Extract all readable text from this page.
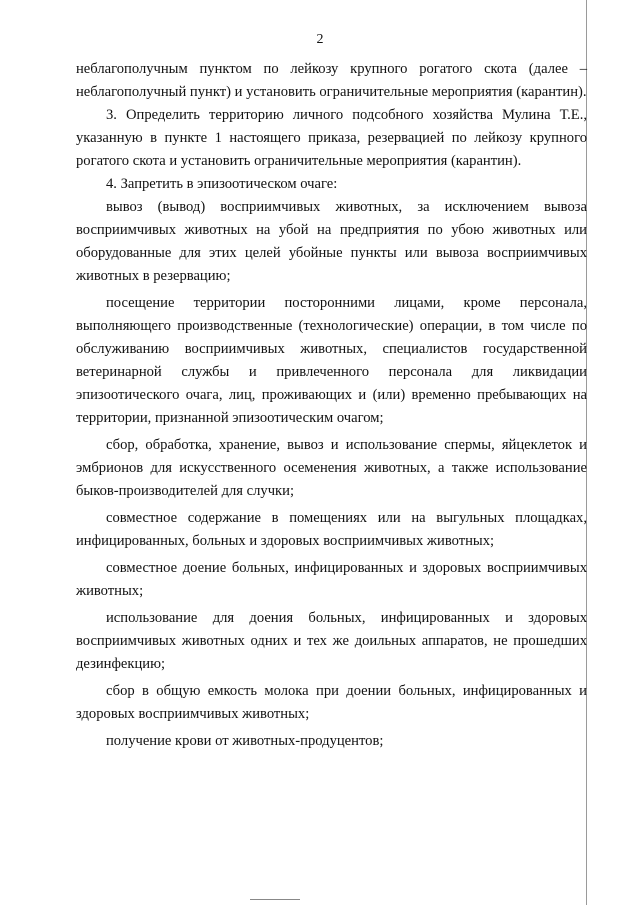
2

неблагополучным пунктом по лейкозу крупного рогатого скота (далее – неблагополучный пункт) и установить ограничительные мероприятия (карантин).

3. Определить территорию личного подсобного хозяйства Мулина Т.Е., указанную в пункте 1 настоящего приказа, резервацией по лейкозу крупного рогатого скота и установить ограничительные мероприятия (карантин).

4. Запретить в эпизоотическом очаге:

вывоз (вывод) восприимчивых животных, за исключением вывоза восприимчивых животных на убой на предприятия по убою животных или оборудованные для этих целей убойные пункты или вывоза восприимчивых животных в резервацию;

посещение территории посторонними лицами, кроме персонала, выполняющего производственные (технологические) операции, в том числе по обслуживанию восприимчивых животных, специалистов государственной ветеринарной службы и привлеченного персонала для ликвидации эпизоотического очага, лиц, проживающих и (или) временно пребывающих на территории, признанной эпизоотическим очагом;

сбор, обработка, хранение, вывоз и использование спермы, яйцеклеток и эмбрионов для искусственного осеменения животных, а также использование быков-производителей для случки;

совместное содержание в помещениях или на выгульных площадках, инфицированных, больных и здоровых восприимчивых животных;

совместное доение больных, инфицированных и здоровых восприимчивых животных;

использование для доения больных, инфицированных и здоровых восприимчивых животных одних и тех же доильных аппаратов, не прошедших дезинфекцию;

сбор в общую емкость молока при доении больных, инфицированных и здоровых восприимчивых животных;

получение крови от животных-продуцентов;
